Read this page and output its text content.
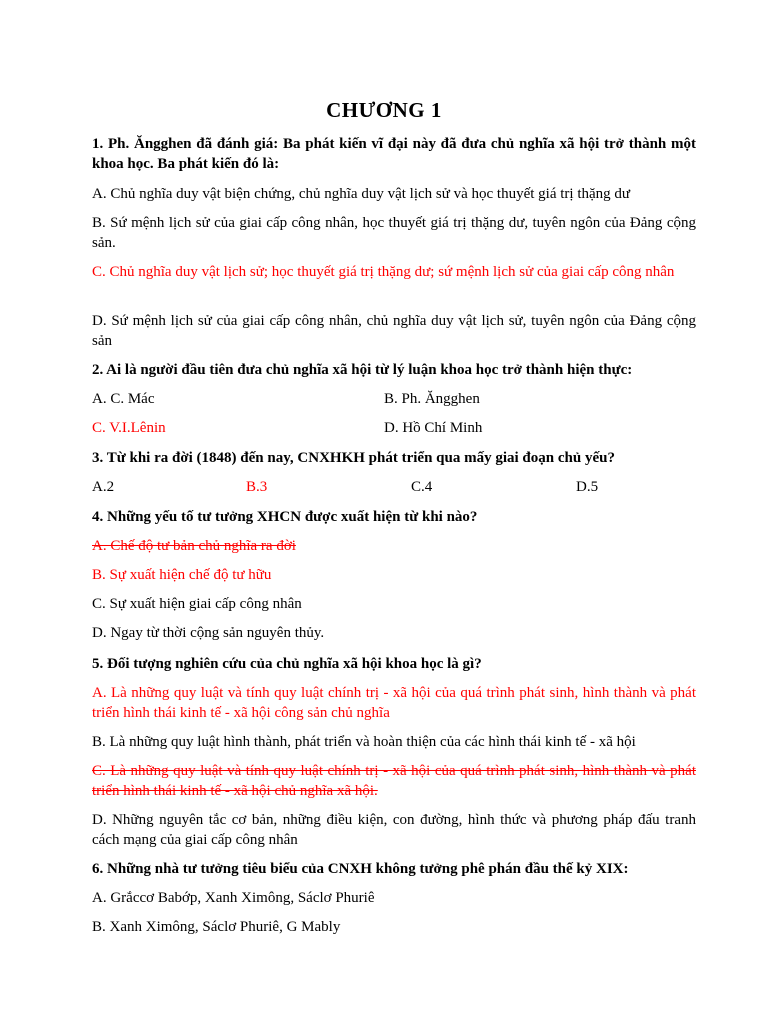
CHƯƠNG 1
1. Ph. Ăngghen đã đánh giá: Ba phát kiến vĩ đại này đã đưa chủ nghĩa xã hội trở thành một khoa học. Ba phát kiến đó là:
A. Chủ nghĩa duy vật biện chứng, chủ nghĩa duy vật lịch sử và học thuyết giá trị thặng dư
B. Sứ mệnh lịch sử của giai cấp công nhân, học thuyết giá trị thặng dư, tuyên ngôn của Đảng cộng sản.
C. Chủ nghĩa duy vật lịch sử; học thuyết giá trị thặng dư; sứ mệnh lịch sử của giai cấp công nhân
D. Sứ mệnh lịch sử của giai cấp công nhân, chủ nghĩa duy vật lịch sử, tuyên ngôn của Đảng cộng sản
2. Ai là người đầu tiên đưa chủ nghĩa xã hội từ lý luận khoa học trở thành hiện thực:
A. C. Mác	B. Ph. Ăngghen
C. V.I.Lênin	D. Hồ Chí Minh
3. Từ khi ra đời (1848) đến nay, CNXHKH phát triển qua mấy giai đoạn chủ yếu?
A.2	B.3	C.4	D.5
4. Những yếu tố tư tưởng XHCN được xuất hiện từ khi nào?
A. Chế độ tư bản chủ nghĩa ra đời
B. Sự xuất hiện chế độ tư hữu
C. Sự xuất hiện giai cấp công nhân
D. Ngay từ thời cộng sản nguyên thủy.
5. Đối tượng nghiên cứu của chủ nghĩa xã hội khoa học là gì?
A. Là những quy luật và tính quy luật chính trị - xã hội của quá trình phát sinh, hình thành và phát triển hình thái kinh tế - xã hội công sản chủ nghĩa
B. Là những quy luật hình thành, phát triển và hoàn thiện của các hình thái kinh tế - xã hội
C. Là những quy luật và tính quy luật chính trị - xã hội của quá trình phát sinh, hình thành và phát triển hình thái kinh tế - xã hội chủ nghĩa xã hội.
D. Những nguyên tắc cơ bản, những điều kiện, con đường, hình thức và phương pháp đấu tranh cách mạng của giai cấp công nhân
6. Những nhà tư tưởng tiêu biểu của CNXH không tưởng phê phán đầu thế kỷ XIX:
A. Grắccơ Babớp, Xanh Ximông, Sáclơ Phuriê
B. Xanh Ximông, Sáclơ Phuriê, G Mably
